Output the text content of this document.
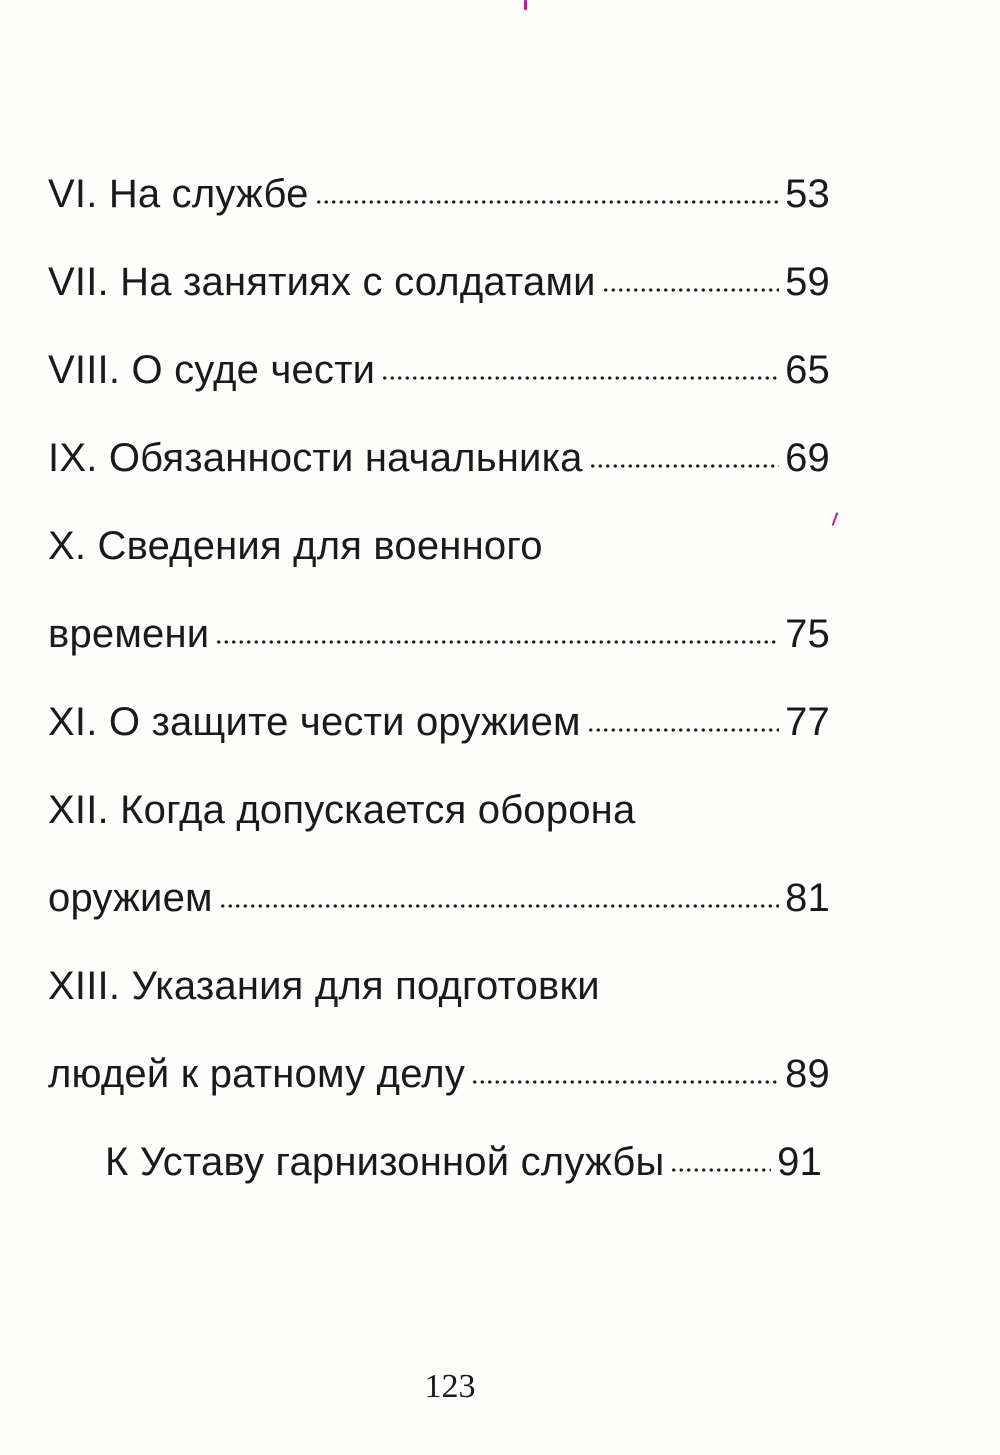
VI. На службе	53
VII. На занятиях с солдатами	59
VIII. О суде чести	65
IX. Обязанности начальника	69
X. Сведения для военного
времени	75
XI. О защите чести оружием	77
XII. Когда допускается оборона
оружием	81
XIII. Указания для подготовки
людей к ратному делу	89
К Уставу гарнизонной службы	91
123
